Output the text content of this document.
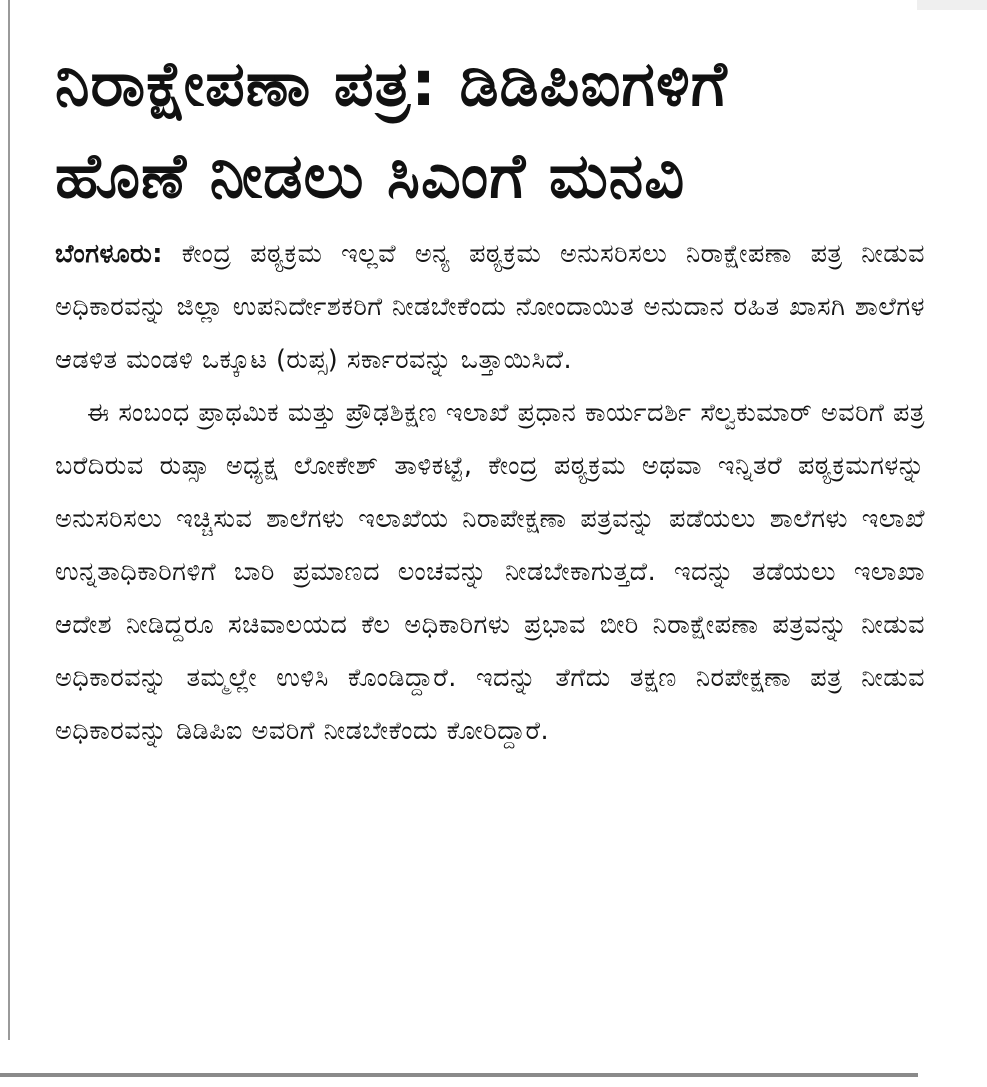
ನಿರಾಕ್ಷೇಪಣಾ ಪತ್ರ: ಡಿಡಿಪಿಐಗಳಿಗೆ
ಹೊಣೆ ನೀಡಲು ಸಿಎಂಗೆ ಮನವಿ

ಬೆಂಗಳೂರು: ಕೇಂದ್ರ ಪಠ್ಯಕ್ರಮ ಇಲ್ಲವೆ ಅನ್ಯ ಪಠ್ಯಕ್ರಮ ಅನುಸರಿಸಲು ನಿರಾಕ್ಷೇಪಣಾ ಪತ್ರ ನೀಡುವ ಅಧಿಕಾರವನ್ನು ಜಿಲ್ಲಾ ಉಪನಿರ್ದೇಶಕರಿಗೆ ನೀಡಬೇಕೆಂದು ನೋಂದಾಯಿತ ಅನುದಾನ ರಹಿತ ಖಾಸಗಿ ಶಾಲೆಗಳ ಆಡಳಿತ ಮಂಡಳಿ ಒಕ್ಕೂಟ (ರುಪ್ಸ) ಸರ್ಕಾರವನ್ನು ಒತ್ತಾಯಿಸಿದೆ.

ಈ ಸಂಬಂಧ ಪ್ರಾಥಮಿಕ ಮತ್ತು ಪ್ರೌಢಶಿಕ್ಷಣ ಇಲಾಖೆ ಪ್ರಧಾನ ಕಾರ್ಯದರ್ಶಿ ಸೆಲ್ವಕುಮಾರ್ ಅವರಿಗೆ ಪತ್ರ ಬರೆದಿರುವ ರುಪ್ಸಾ ಅಧ್ಯಕ್ಷ ಲೋಕೇಶ್ ತಾಳಿಕಟ್ಟೆ, ಕೇಂದ್ರ ಪಠ್ಯಕ್ರಮ ಅಥವಾ ಇನ್ನಿತರೆ ಪಠ್ಯಕ್ರಮಗಳನ್ನು ಅನುಸರಿಸಲು ಇಚ್ಚಿಸುವ ಶಾಲೆಗಳು ಇಲಾಖೆಯ ನಿರಾಪೇಕ್ಷಣಾ ಪತ್ರವನ್ನು ಪಡೆಯಲು ಶಾಲೆಗಳು ಇಲಾಖೆ ಉನ್ನತಾಧಿಕಾರಿಗಳಿಗೆ ಬಾರಿ ಪ್ರಮಾಣದ ಲಂಚವನ್ನು ನೀಡಬೇಕಾಗುತ್ತದೆ. ಇದನ್ನು ತಡೆಯಲು ಇಲಾಖಾ ಆದೇಶ ನೀಡಿದ್ದರೂ ಸಚಿವಾಲಯದ ಕೆಲ ಅಧಿಕಾರಿಗಳು ಪ್ರಭಾವ ಬೀರಿ ನಿರಾಕ್ಷೇಪಣಾ ಪತ್ರವನ್ನು ನೀಡುವ ಅಧಿಕಾರವನ್ನು ತಮ್ಮಲ್ಲೇ ಉಳಿಸಿ ಕೊಂಡಿದ್ದಾರೆ. ಇದನ್ನು ತೆಗೆದು ತಕ್ಷಣ ನಿರಪೇಕ್ಷಣಾ ಪತ್ರ ನೀಡುವ ಅಧಿಕಾರವನ್ನು ಡಿಡಿಪಿಐ ಅವರಿಗೆ ನೀಡಬೇಕೆಂದು ಕೋರಿದ್ದಾರೆ.
